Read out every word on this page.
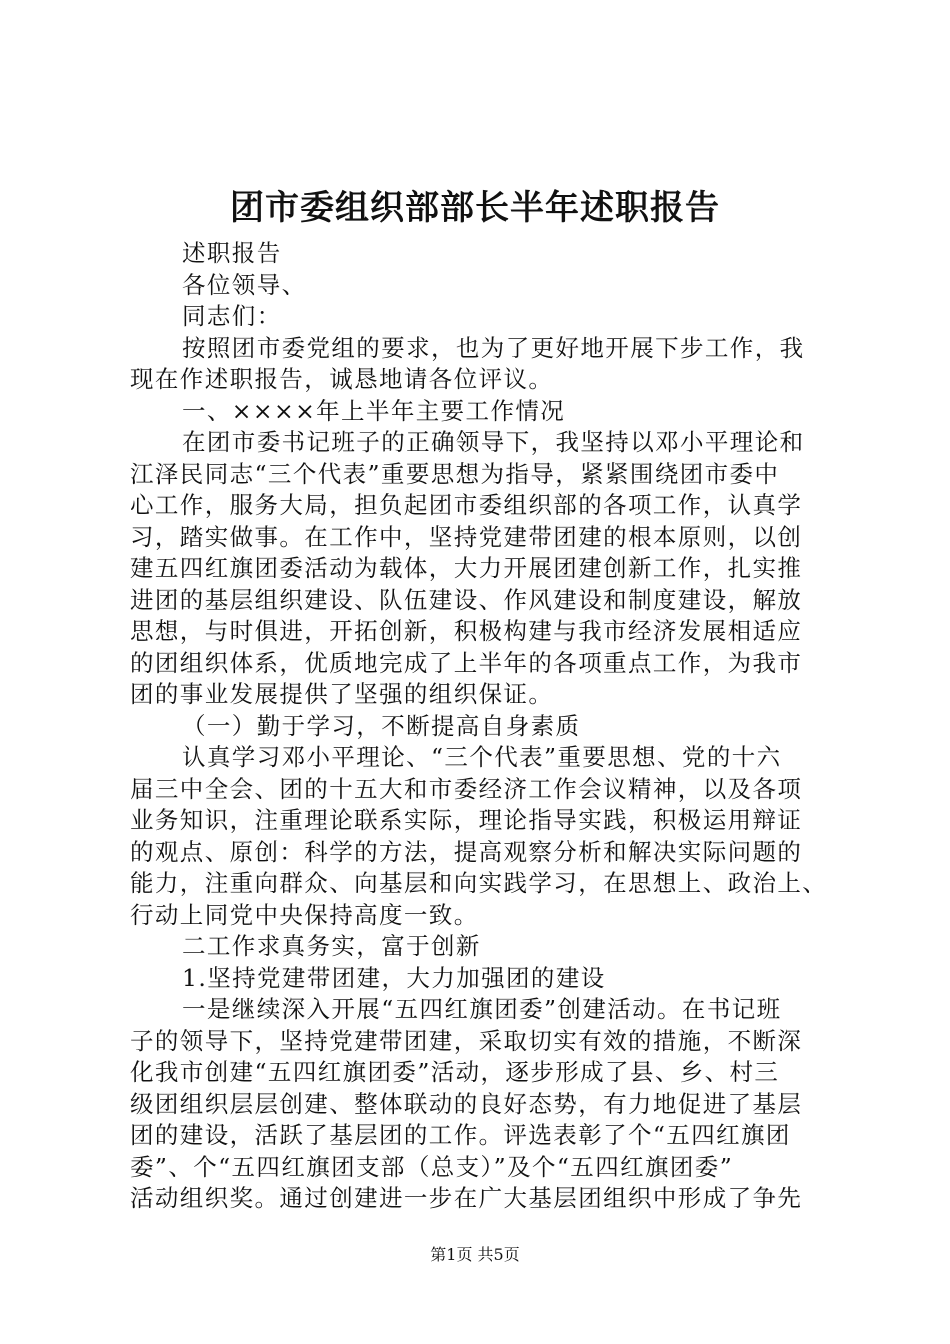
团市委组织部部长半年述职报告
述职报告
各位领导、
同志们：
按照团市委党组的要求，也为了更好地开展下步工作，我
现在作述职报告，诚恳地请各位评议。
一、××××年上半年主要工作情况
在团市委书记班子的正确领导下，我坚持以邓小平理论和
江泽民同志“三个代表”重要思想为指导，紧紧围绕团市委中
心工作，服务大局，担负起团市委组织部的各项工作，认真学
习，踏实做事。在工作中，坚持党建带团建的根本原则，以创
建五四红旗团委活动为载体，大力开展团建创新工作，扎实推
进团的基层组织建设、队伍建设、作风建设和制度建设，解放
思想，与时俱进，开拓创新，积极构建与我市经济发展相适应
的团组织体系，优质地完成了上半年的各项重点工作，为我市
团的事业发展提供了坚强的组织保证。
（一）勤于学习，不断提高自身素质
认真学习邓小平理论、“三个代表”重要思想、党的十六
届三中全会、团的十五大和市委经济工作会议精神，以及各项
业务知识，注重理论联系实际，理论指导实践，积极运用辩证
的观点、原创：科学的方法，提高观察分析和解决实际问题的
能力，注重向群众、向基层和向实践学习，在思想上、政治上、
行动上同党中央保持高度一致。
二工作求真务实，富于创新
1.坚持党建带团建，大力加强团的建设
一是继续深入开展“五四红旗团委”创建活动。在书记班
子的领导下，坚持党建带团建，采取切实有效的措施，不断深
化我市创建“五四红旗团委”活动，逐步形成了县、乡、村三
级团组织层层创建、整体联动的良好态势，有力地促进了基层
团的建设，活跃了基层团的工作。评选表彰了个“五四红旗团
委”、个“五四红旗团支部（总支）”及个“五四红旗团委”
活动组织奖。通过创建进一步在广大基层团组织中形成了争先
第1页 共5页
